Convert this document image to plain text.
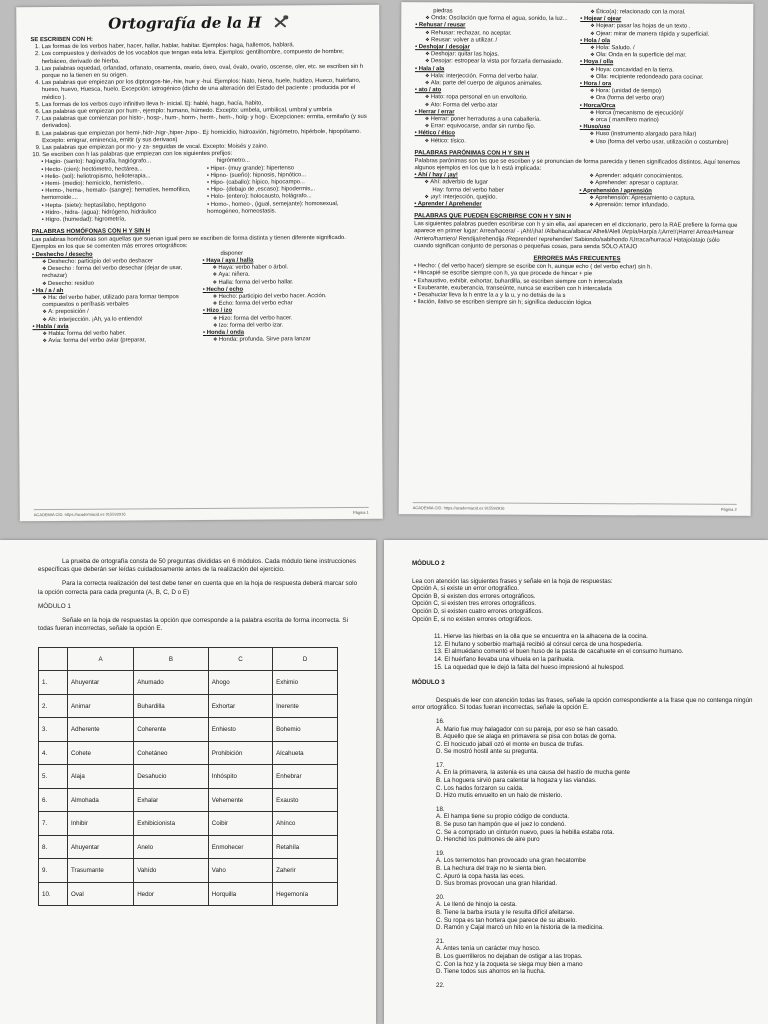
Ortografía de la H

SE ESCRIBEN CON H:

1. Las formas de los verbos haber, hacer, hallar, hablar, habitar. Ejemplos: haga, hallemos, hablará.
2. Los compuestos y derivados de los vocablos que tengan esta letra. Ejemplos: gentilhombre, compuesto de hombre; herbáceo, derivado de hierba.
3. Las palabras oquedad, orfandad, orfanato, osamenta, osario, óseo, oval, óvalo, ovario, oscense, oler, etc. se escriben sin h porque no la tienen en su origen.
4. Las palabras que empiezan por los diptongos-hie,-hie, hue y -hui. Ejemplos: hiato, hiena, huele, huidizo, Hueco, huérfano, hueso, huevo, Huesca, huelo. Excepción: iatrogénico (dicho de una alteración del Estado del paciente : producida por el médico ).
5. Las formas de los verbos cuyo infinitivo lleva h- inicial. Ej: hablé, hago, hacía, habito,
6. Las palabras que empiezan por hum-, ejemplo: humano, húmedo. Excepto: umbela, umbilical, umbral y umbría
7. Las palabras que comienzan por histo-, hosp-, hum-, horm-, herm-, hern-, holg- y hog-. Excepciones: ermita, ermitaño (y sus derivados).
8. Las palabras que empiezan por hemi-,hidr-,higr-,hiper-,hipo-. Ej: homicidio, hidroavión, higrómetro, hipérbole, hipopótamo. Excepto: emigrar, eminencia, emitir (y sus derivaos)
9. Las palabras que empiezan por mo- y za- seguidas de vocal. Excepto: Moisés y zaino.
10. Se escriben con h las palabras que empiezan con los siguientes prefijos:

• Hagio- (santo): hagiografía, hagiógrafo...

• Hecto- (cien): hectómetro, hectárea...

• Helio- (sol): heliotropismo, helioterapia...

• Hemi- (medio): hemiciclo, hemisferio..

• Hemo-, hema-, hemato- (sangre): hematíes, hemofílico, hemorroide....

• Hepta- (siete): heptasílabo, heptágono

• Hidro-, hidra- (agua): hidrógeno, hidráulico

• Higro. (humedad): higrometría,

higrómetro...

• Hiper- (muy grande): hipertenso

• Hipno- (sueño): hipnosis, hipnótico...

• Hipo- (caballo): hípico, hipocampo...

• Hipo- (debajo de ,escaso): hipodermis,..

• Holo- (entero): holocausto, holágrafo...

• Homo-, homeo-, (igual, semejante): homosexual, homogéneo, homeostasis.

PALABRAS HOMÓFONAS CON H Y SIN H

Las palabras homófonas son aquellas que suenan igual pero se escriben de forma distinta y tienen diferente significado. Ejemplos en los que se comenten más errores ortográficos:

• Deshecho / desecho

❖ Deshecho: participio del verbo deshacer

❖ Desecho : forma del verbo desechar (dejar de usar, rechazar)

❖ Desecho: residuo

• Ha / a / ah

❖ Ha: del verbo haber, utilizado para formar tiempos compuestos o perífrasis verbales

❖ A: preposición /

❖ Ah: interjección. ¡Ah, ya lo entiendo!

• Habla / avía

❖ Habla: forma del verbo haber.

❖ Avía: forma del verbo aviar (preparar,

disponer

• Haya / aya / halla

❖ Haya: verbo haber o árbol.

❖ Aya: niñera.

❖ Halla: forma del verbo hallar.

• Hecho / echo

❖ Hecho: participio del verbo hacer. Acción.

❖ Echo: forma del verbo echar

• Hizo / izo

❖ Hizo: forma del verbo hacer.

❖ Izo: forma del verbo izar.

• Honda / onda

❖ Honda: profunda. Sirve para lanzar

ACADEMIA CID. https://academiacid.es 915592916	Página 1

piedras

❖ Onda: Oscilación que forma el agua, sonido, la luz...

• Rehusar / reusar

❖ Rehusar: rechazar, no aceptar.

❖ Reusar: volver a utilizar. /

• Deshojar / desojar

❖ Deshojar: quitar las hojas.

❖ Desojar: estropear la vista por forzarla demasiado.

• Hala / ala

❖ Hala: interjección. Forma del verbo halar.

❖ Ala: parte del cuerpo de algunos animales.

• ato / ato

❖ Hato: ropa personal en un envoltorio.

❖ Ato: Forma del verbo atar

• Herrar / errar

❖ Herrar: poner herraduras a una caballería.

❖ Errar: equivocarse, andar sin rumbo fijo.

• Hético / ético

❖ Hético: tísico.

❖ Ético(a): relacionado con la moral.

• Hojear / ojear

❖ Hojear: pasar las hojas de un texto .

❖ Ojear: mirar de manera rápida y superficial.

• Hola / ola

❖ Hola: Saludo. /

❖ Ola: Onda en la superficie del mar.

• Hoya / olla

❖ Hoya: concavidad en la tierra.

❖ Olla: recipiente redondeado para cocinar.

• Hora / ora

❖ Hora: (unidad de tiempo)

❖ Ora (forma del verbo orar)

• Horca/Orca

❖ Horca (mecanismo de ejecución)/

❖ orca ( mamífero marino)

• Huso/uso

❖ Huso (instrumento alargado para hilar)

❖ Uso (forma del verbo usar, utilización o costumbre)

PALABRAS PARÓNIMAS CON H Y SIN H

Palabras parónimas son las que se escriben y se pronuncian de forma parecida y tienen significados distintos. Aquí tenemos algunos ejemplos en los que la h está implicada:

• Ahí / hay / ¡ay!

❖ Ahí: adverbio de lugar

Hay: forma del verbo haber

❖ ¡ay!: interjección, quejido.

• Aprender / Aprehender

❖ Aprender: adquirir conocimientos.

❖ Aprehender: apresar o capturar.

• Aprehensión / aprensión

❖ Aprehensión: Apresamiento o captura.

❖ Aprensión: temor infundado.

PALABRAS QUE PUEDEN ESCRIBIRSE CON H Y SIN H

Las siguientes palabras pueden escribirse con h y sin ella, así aparecen en el diccionario, pero la RAE prefiere la forma que aparece en primer lugar: Arrea/hacera/ - ¡Ah!/¡ha! /Albahaca/albaca/ Alheli/Aleli /Arpía/Harpía /¡Arre!/¡Harre! Arrear/Harrear /Arriero/harriero/ Rendija/rehendija /Reprender/ reprehender/ Sabiondo/sabihondo /Urraca/hurraca/ Hatajo/atajo (sólo cuando significan conjunto de personas o pequeñas cosas, para senda SÓLO ATAJO

ERRORES MÁS FRECUENTES

• Hecho: ( del verbo hacer) siempre se escribe con h, aunque echo ( del verbo echar) sin h.

• Hincapié se escribe siempre con h, ya que procede de hincar + pie

• Exhaustivo, exhibir, exhortar, buhardilla, se escriben siempre con h intercalada

• Exuberante, exuberancia, transeúnte, nunca se escriben con h intercalada

• Desahuciar lleva la h entre la a y la u, y no detrás de la s

• Ilación, ilativo se escriben siempre sin h; significa deducción lógica

ACADEMIA CID. https://academiacid.es 915592916	Página 2

La prueba de ortografía consta de 50 preguntas divididas en 6 módulos. Cada módulo tiene instrucciones específicas que deberán ser leídas cuidadosamente antes de la realización del ejercicio.

Para la correcta realización del test debe tener en cuenta que en la hoja de respuesta deberá marcar solo la opción correcta para cada pregunta (A, B, C, D o E)

MÓDULO 1

Señale en la hoja de respuestas la opción que corresponde a la palabra escrita de forma incorrecta. Si todas fueran incorrectas, señale la opción E.

	A	B	C	D
1.	Ahuyentar	Ahumado	Ahogo	Exhimio
2.	Animar	Buhardilla	Exhortar	Inerente
3.	Adherente	Coherente	Enhiesto	Bohemio
4.	Cohete	Cohetáneo	Prohibición	Alcahueta
5.	Alaja	Desahucio	Inhóspito	Enhebrar
6.	Almohada	Exhalar	Vehemente	Exausto
7.	Inhibir	Exhibicionista	Coibir	Ahínco
8.	Ahuyentar	Anelo	Enmohecer	Retahíla
9.	Trasumante	Vahído	Vaho	Zaherir
10.	Oval	Hedor	Horquilla	Hegemonía

MÓDULO 2

Lea con atención las siguientes frases y señale en la hoja de respuestas:

Opción A, si existe un error ortográfico.

Opción B, si existen dos errores ortográficos.

Opción C, si existen tres errores ortográficos.

Opción D, si existen cuatro errores ortográficos.

Opción E, si no existen errores ortográficos.

11. Hierve las hierbas en la olla que se encuentra en la alhacena de la cocina.

12. El hufano y soberbio marhajá recibió al cónsul cerca de una hospedería.

13. El almuédano comentó el buen huso de la pasta de cacahuete en el consumo humano.

14. El huérfano llevaba una vihuela en la parihuela.

15. La oquedad que le dejó la falta del hueso impresionó al hulespod.

MÓDULO 3

Después de leer con atención todas las frases, señale la opción correspondiente a la frase que no contenga ningún error ortográfico. Si todas fueran incorrectas, señale la opción E.

16.

A. Mario fue muy halagador con su pareja, por eso se han casado.

B. Aquello que se alaga en primavera se pisa con botas de goma.

C. El hocicudo jabalí ozó el monte en busca de trufas.

D. Se mostró hostil ante su pregunta.

17.

A. En la primavera, la astenia es una causa del hastío de mucha gente

B. La hoguera sirvió para calentar la hogaza y las viandas.

C. Los hados forzaron su caída.

D. Hizo mutis envuelto en un halo de misterio.

18.

A. El hampa tiene su propio código de conducta.

B. Se puso tan hampón que el juez lo condenó.

C. Se a comprado un cinturón nuevo, pues la hebilla estaba rota.

D. Henchid los pulmones de aire puro

19.

A. Los terremotos han provocado una gran hecatombe

B. La hechura del traje no le sienta bien.

C. Apuró la copa hasta las eces.

D. Sus bromas provocan una gran hilaridad.

20.

A. Le llenó de hinojo la cesta.

B. Tiene la barba irsuta y le resulta difícil afeitarse.

C. Su ropa es tan hortera que parece de su abuelo.

D. Ramón y Cajal marcó un hito en la historia de la medicina.

21.

A. Antes tenía un carácter muy hosco.

B. Los guerrilleros no dejaban de ostigar a las tropas.

C. Con la hoz y la zoqueta se siega muy bien a mano

D. Tiene todos sus ahorros en la hucha.

22.
